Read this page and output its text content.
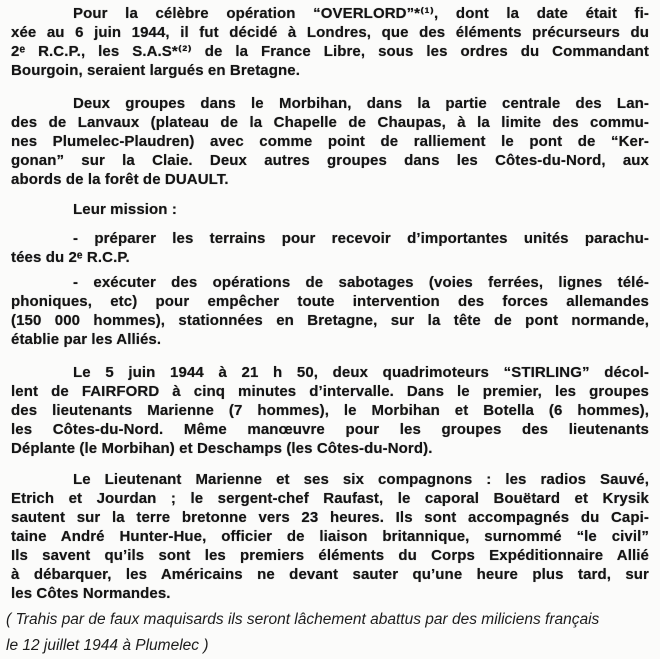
Pour la célèbre opération “OVERLORD”*⁽¹⁾, dont la date était fi-
xée au 6 juin 1944, il fut décidé à Londres, que des éléments précurseurs du
2ᵉ R.C.P., les S.A.S*⁽²⁾ de la France Libre, sous les ordres du Commandant
Bourgoin, seraient largués en Bretagne.

Deux groupes dans le Morbihan, dans la partie centrale des Lan-
des de Lanvaux (plateau de la Chapelle de Chaupas, à la limite des commu-
nes Plumelec-Plaudren) avec comme point de ralliement le pont de “Ker-
gonan” sur la Claie. Deux autres groupes dans les Côtes-du-Nord, aux
abords de la forêt de DUAULT.

Leur mission :

- préparer les terrains pour recevoir d’importantes unités parachu-
tées du 2ᵉ R.C.P.

- exécuter des opérations de sabotages (voies ferrées, lignes télé-
phoniques, etc) pour empêcher toute intervention des forces allemandes
(150 000 hommes), stationnées en Bretagne, sur la tête de pont normande,
établie par les Alliés.

Le 5 juin 1944 à 21 h 50, deux quadrimoteurs “STIRLING” décol-
lent de FAIRFORD à cinq minutes d’intervalle. Dans le premier, les groupes
des lieutenants Marienne (7 hommes), le Morbihan et Botella (6 hommes),
les Côtes-du-Nord. Même manœuvre pour les groupes des lieutenants
Déplante (le Morbihan) et Deschamps (les Côtes-du-Nord).

Le Lieutenant Marienne et ses six compagnons : les radios Sauvé,
Etrich et Jourdan ; le sergent-chef Raufast, le caporal Bouëtard et Krysik
sautent sur la terre bretonne vers 23 heures. Ils sont accompagnés du Capi-
taine André Hunter-Hue, officier de liaison britannique, surnommé “le civil”
Ils savent qu’ils sont les premiers éléments du Corps Expéditionnaire Allié
à débarquer, les Américains ne devant sauter qu’une heure plus tard, sur
les Côtes Normandes.

( Trahis par de faux maquisards ils seront lâchement abattus par des miliciens français
le 12 juillet 1944 à Plumelec )
